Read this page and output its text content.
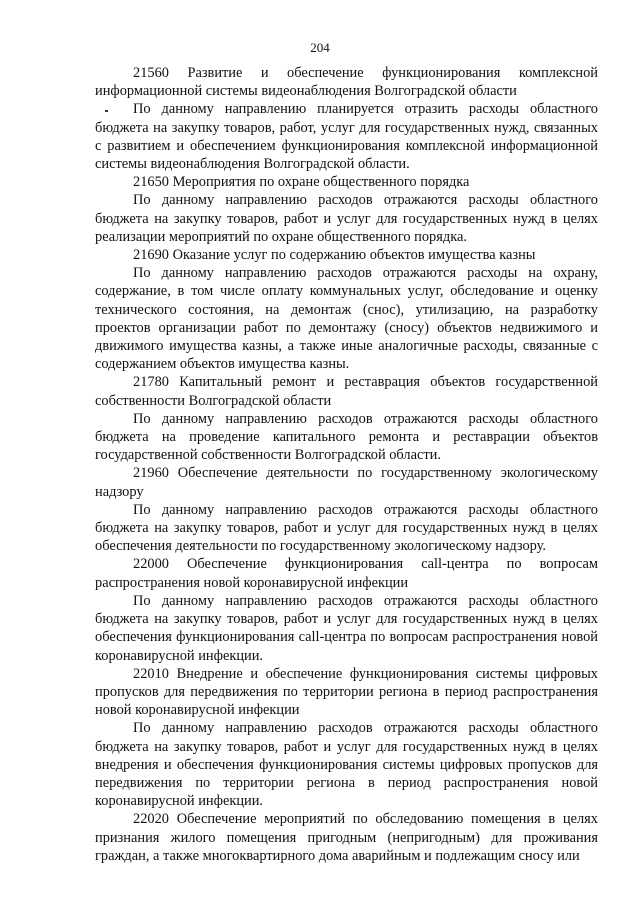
204

21560 Развитие и обеспечение функционирования комплексной информационной системы видеонаблюдения Волгоградской области

По данному направлению планируется отразить расходы областного бюджета на закупку товаров, работ, услуг для государственных нужд, связанных с развитием и обеспечением функционирования комплексной информационной системы видеонаблюдения Волгоградской области.

21650 Мероприятия по охране общественного порядка

По данному направлению расходов отражаются расходы областного бюджета на закупку товаров, работ и услуг для государственных нужд в целях реализации мероприятий по охране общественного порядка.

21690 Оказание услуг по содержанию объектов имущества казны

По данному направлению расходов отражаются расходы на охрану, содержание, в том числе оплату коммунальных услуг, обследование и оценку технического состояния, на демонтаж (снос), утилизацию, на разработку проектов организации работ по демонтажу (сносу) объектов недвижимого и движимого имущества казны, а также иные аналогичные расходы, связанные с содержанием объектов имущества казны.

21780 Капитальный ремонт и реставрация объектов государственной собственности Волгоградской области

По данному направлению расходов отражаются расходы областного бюджета на проведение капитального ремонта и реставрации объектов государственной собственности Волгоградской области.

21960 Обеспечение деятельности по государственному экологическому надзору

По данному направлению расходов отражаются расходы областного бюджета на закупку товаров, работ и услуг для государственных нужд в целях обеспечения деятельности по государственному экологическому надзору.

22000 Обеспечение функционирования call-центра по вопросам распространения новой коронавирусной инфекции

По данному направлению расходов отражаются расходы областного бюджета на закупку товаров, работ и услуг для государственных нужд в целях обеспечения функционирования call-центра по вопросам распространения новой коронавирусной инфекции.

22010 Внедрение и обеспечение функционирования системы цифровых пропусков для передвижения по территории региона в период распространения новой коронавирусной инфекции

По данному направлению расходов отражаются расходы областного бюджета на закупку товаров, работ и услуг для государственных нужд в целях внедрения и обеспечения функционирования системы цифровых пропусков для передвижения по территории региона в период распространения новой коронавирусной инфекции.

22020 Обеспечение мероприятий по обследованию помещения в целях признания жилого помещения пригодным (непригодным) для проживания граждан, а также многоквартирного дома аварийным и подлежащим сносу или
